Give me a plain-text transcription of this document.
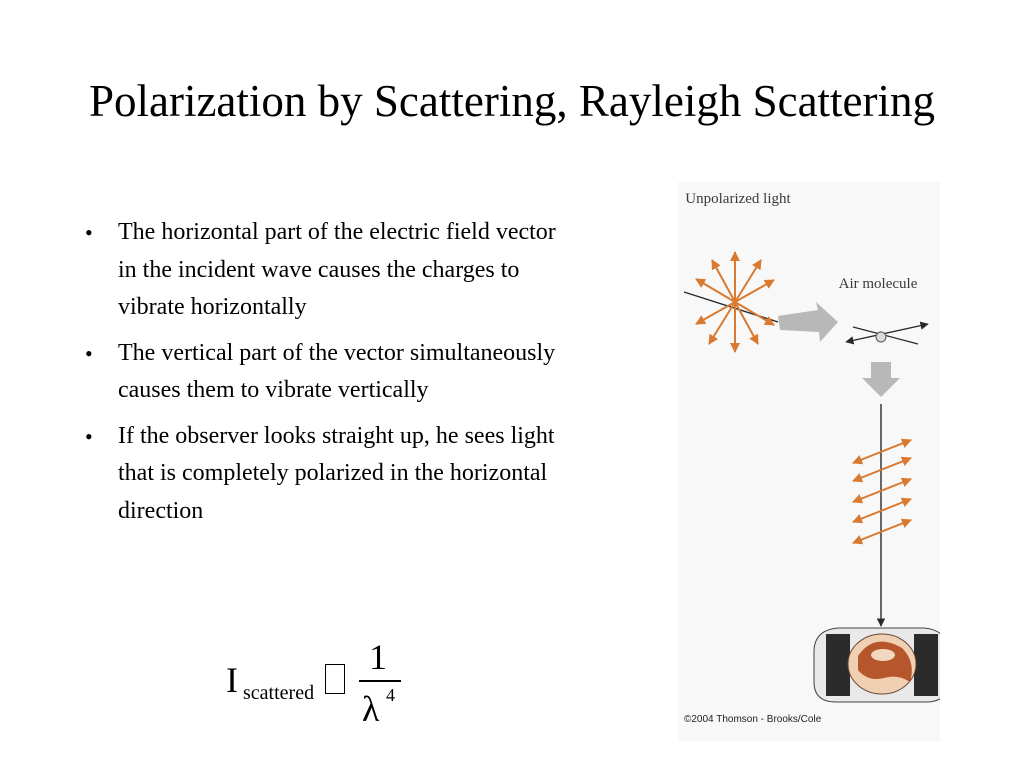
Polarization by Scattering, Rayleigh Scattering
• The horizontal part of the electric field vector in the incident wave causes the charges to vibrate horizontally
• The vertical part of the vector simultaneously causes them to vibrate vertically
• If the observer looks straight up, he sees light that is completely polarized in the horizontal direction
I scattered
1
λ 4
Unpolarized light
Air molecule
©2004 Thomson - Brooks/Cole
